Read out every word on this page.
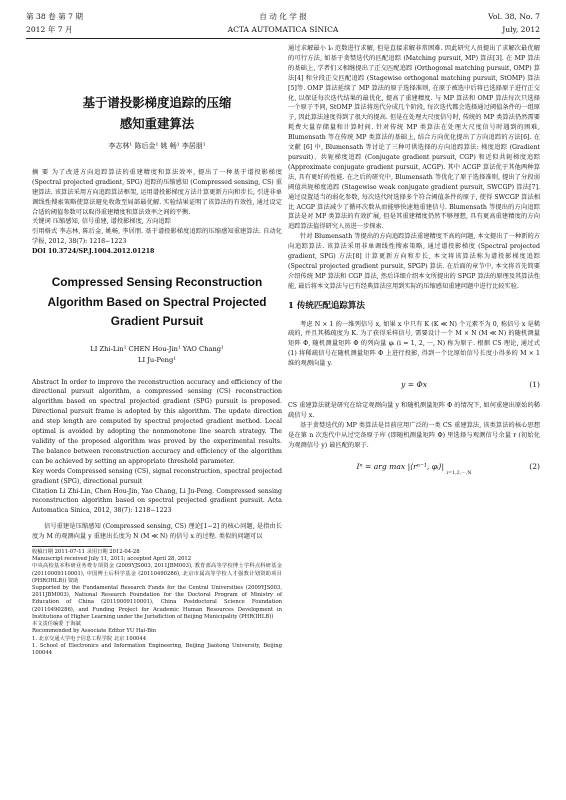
第 38 卷 第 7 期	自 动 化 学 报	Vol. 38, No. 7
2012 年 7 月	ACTA AUTOMATICA SINICA	July, 2012
基于谱投影梯度追踪的压缩
感知重建算法
李志林¹ 陈后金¹ 姚 畅¹ 李居朋¹
摘 要 为了改进方向追踪算法的重建精度和算法效率, 提出了一种基于谱投影梯度 (Spectral projected gradient, SPG) 追踪的压缩感知 (Compressed sensing, CS) 重建算法. 该算法采用方向追踪算法框架, 运用谱投影梯度方法计算更新方向和步长, 引进非单调线性搜索策略使算法避免收敛至局部最优解. 实验结果证明了该算法的有效性, 通过设定合适的阈值参数可以取得重建精度和算法效率之间的平衡.
关键词 压缩感知, 信号重建, 谱投影梯度, 方向追踪
引用格式 李志林, 陈后金, 姚畅, 李居朋. 基于谱投影梯度追踪的压缩感知重建算法. 自动化学报, 2012, 38(7): 1218−1223
DOI 10.3724/SP.J.1004.2012.01218
Compressed Sensing Reconstruction
Algorithm Based on Spectral Projected
Gradient Pursuit
LI Zhi-Lin¹ CHEN Hou-Jin¹ YAO Chang¹
LI Ju-Peng¹
Abstract In order to improve the reconstruction accuracy and efficiency of the directional pursuit algorithm, a compressed sensing (CS) reconstruction algorithm based on spectral projected gradient (SPG) pursuit is proposed. Directional pursuit frame is adopted by this algorithm. The update direction and step length are computed by spectral projected gradient method. Local optimal is avoided by adopting the nonmonotone line search strategy. The validity of the proposed algorithm was proved by the experimental results. The balance between reconstruction accuracy and efficiency of the algorithm can be achieved by setting an appropriate threshold parameter.
Key words Compressed sensing (CS), signal reconstruction, spectral projected gradient (SPG), directional pursuit
Citation Li Zhi-Lin, Chen Hou-Jin, Yao Chang, Li Ju-Peng. Compressed sensing reconstruction algorithm based on spectral projected gradient pursuit. Acta Automatica Sinica, 2012, 38(7): 1218−1223
信号重建是压缩感知 (Compressed sensing, CS) 理论[1−2] 的核心问题, 是指由长度为 M 的观测向量 y 重建出长度为 N (M ≪ N) 的信号 x 的过程. 类似的问题可以
收稿日期 2011-07-11 录用日期 2012-04-28
Manuscript received July 11, 2011; accepted April 28, 2012
中央高校基本科研业务费专项资金 (2009YJS003, 2011JBM003), 教育部高等学校博士学科点科研基金 (20110009110001), 中国博士后科学基金 (20110490286), 北京市属高等学校人才强教计划资助项目 (PHR(IHLB)) 资助
Supported by the Fundamental Research Funds for the Central Universities (2009YJS003, 2011JBM003), National Research Foundation for the Doctoral Program of Ministry of Education of China (20110009110001), China Postdoctoral Science Foundation (20110490286), and Funding Project for Academic Human Resources Development in Institutions of Higher Learning under the Jurisdiction of Beijing Municipality (PHR(IHLB))
本文责任编委 于海斌
Recommended by Associate Editor YU Hai-Bin
1. 北京交通大学电子信息工程学院 北京 100044
1. School of Electronics and Information Engineering, Beijing Jiaotong University, Beijing 100044
通过求解最小 l₀ 范数进行求解, 但是直接求解非常困难. 因此研究人员提出了求解次最优解的可行方法, 如基于贪婪迭代的匹配追踪 (Matching pursuit, MP) 算法[3]. 在 MP 算法的基础上, 学者们又相继提出了正交匹配追踪 (Orthogonal matching pursuit, OMP) 算法[4] 和分段正交匹配追踪 (Stagewise orthogonal matching pursuit, StOMP) 算法[5]等. OMP 算法延续了 MP 算法的原子选择准则, 在原子被选中后将已选择原子进行正交化, 以保证每次迭代结果的最优化, 提高了重建精度. 与 MP 算法和 OMP 算法每次只选择一个原子不同, StOMP 算法将迭代分成几个阶段, 每次迭代都会选择通过阈值条件的一组原子, 因此算法速度得到了很大的提高. 但是在处理大尺度信号时, 传统的 MP 类算法仍然需要耗费大量存储量和计算时间. 针对传统 MP 类算法在处理大尺度信号时遇到的困难, Blumensath 等在传统 MP 类算法的基础上, 结合方向优化提出了方向追踪的方法[6]. 在文献 [6] 中, Blumensath 等讨论了三种可供选择的方向追踪算法: 梯度追踪 (Gradient pursuit)、共轭梯度追踪 (Conjugate gradient pursuit, CGP) 和近似共轭梯度追踪 (Approximate conjugate gradient pursuit, ACGP). 其中 ACGP 算法优于其他两种算法, 具有更好的性能. 在之后的研究中, Blumensath 等优化了原子选择准则, 提出了分段弱阈值共轭梯度追踪 (Stagewise weak conjugate gradient pursuit, SWCGP) 算法[7]. 通过设置适当的弱化参数, 每次迭代时选择多个符合阈值条件的原子, 使得 SWCGP 算法相比 ACGP 算法减少了循环次数从而能够快速地重建信号. Blumensath 等提出的方向追踪算法是对 MP 类算法的有效扩展, 但是其重建精度仍然不够理想, 具有更高重建精度的方向追踪算法值得研究人员进一步探索.
针对 Blumensath 等提出的方向追踪算法重建精度不高的问题, 本文提出了一种新的方向追踪算法. 该算法采用非单调线性搜索策略, 通过谱投影梯度 (Spectral projected gradient, SPG) 方法[8] 计算更新方向和步长, 本文将该算法称为谱投影梯度追踪 (Spectral projected gradient pursuit, SPGP) 算法. 在后面的章节中, 本文将首先简要介绍传统 MP 算法和 CGP 算法, 然后详细介绍本文所提出的 SPGP 算法的原理及其算法性能, 最后将本文算法与已有经典算法应用到实际的压缩感知重建问题中进行比较实验.
1 传统匹配追踪算法
考虑 N × 1 的一维列信号 x, 如果 x 中只有 K (K ≪ N) 个元素不为 0, 称信号 x 是稀疏的, 并且其稀疏度为 K. 为了获得采样信号, 需要设计一个 M × N (M ≪ N) 的随机测量矩阵 Φ, 随机测量矩阵 Φ 的列向量 φᵢ (i = 1, 2, ···, N) 称为原子. 根据 CS 理论, 通过式 (1) 将稀疏信号在随机测量矩阵 Φ 上进行投影, 得到一个比原始信号长度小得多的 M × 1 维的观测向量 y.
y = Φx	(1)
CS 重建算法就是研究在给定观测向量 y 和随机测量矩阵 Φ 的情况下, 如何重建出原始的稀疏信号 x.
基于贪婪迭代的 MP 类算法是目前应用广泛的一类 CS 重建算法, 该类算法的核心思想是在第 n 次迭代中从过完备原子库 (即随机测量矩阵 Φ) 里选择与观测信号余量 r (初始化为观测信号 y) 最匹配的原子.
Iⁿ = arg max |⟨rⁿ⁻¹, φᵢ⟩| $_{i=1,2,\cdot\cdot\cdot,N}$
(2)
